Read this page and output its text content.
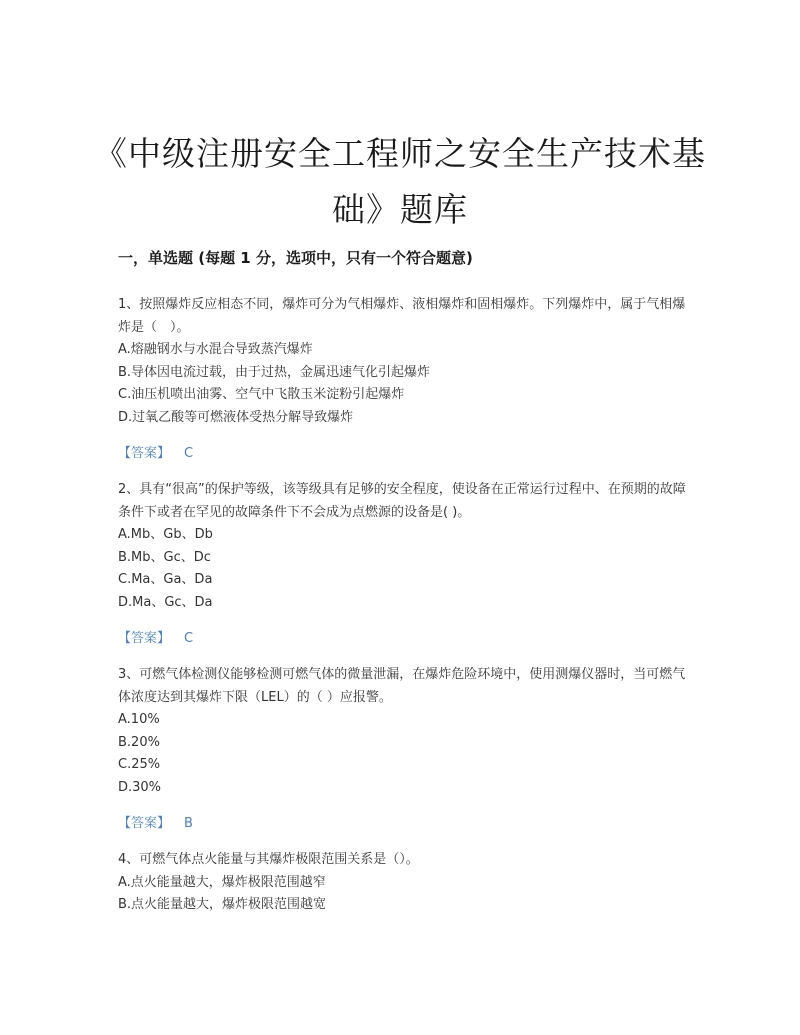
《中级注册安全工程师之安全生产技术基础》题库
一，单选题 (每题 1 分，选项中，只有一个符合题意)

1、按照爆炸反应相态不同，爆炸可分为气相爆炸、液相爆炸和固相爆炸。下列爆炸中，属于气相爆炸是（　）。

A.熔融钢水与水混合导致蒸汽爆炸
B.导体因电流过载，由于过热，金属迅速气化引起爆炸
C.油压机喷出油雾、空气中飞散玉米淀粉引起爆炸
D.过氧乙酸等可燃液体受热分解导致爆炸
【答案】 C

2、具有“很高”的保护等级，该等级具有足够的安全程度，使设备在正常运行过程中、在预期的故障条件下或者在罕见的故障条件下不会成为点燃源的设备是( )。

A.Mb、Gb、Db
B.Mb、Gc、Dc
C.Ma、Ga、Da
D.Ma、Gc、Da
【答案】 C

3、可燃气体检测仪能够检测可燃气体的微量泄漏，在爆炸危险环境中，使用测爆仪器时，当可燃气体浓度达到其爆炸下限（LEL）的（ ）应报警。

A.10%
B.20%
C.25%
D.30%
【答案】 B

4、可燃气体点火能量与其爆炸极限范围关系是（）。

A.点火能量越大，爆炸极限范围越窄
B.点火能量越大，爆炸极限范围越宽
